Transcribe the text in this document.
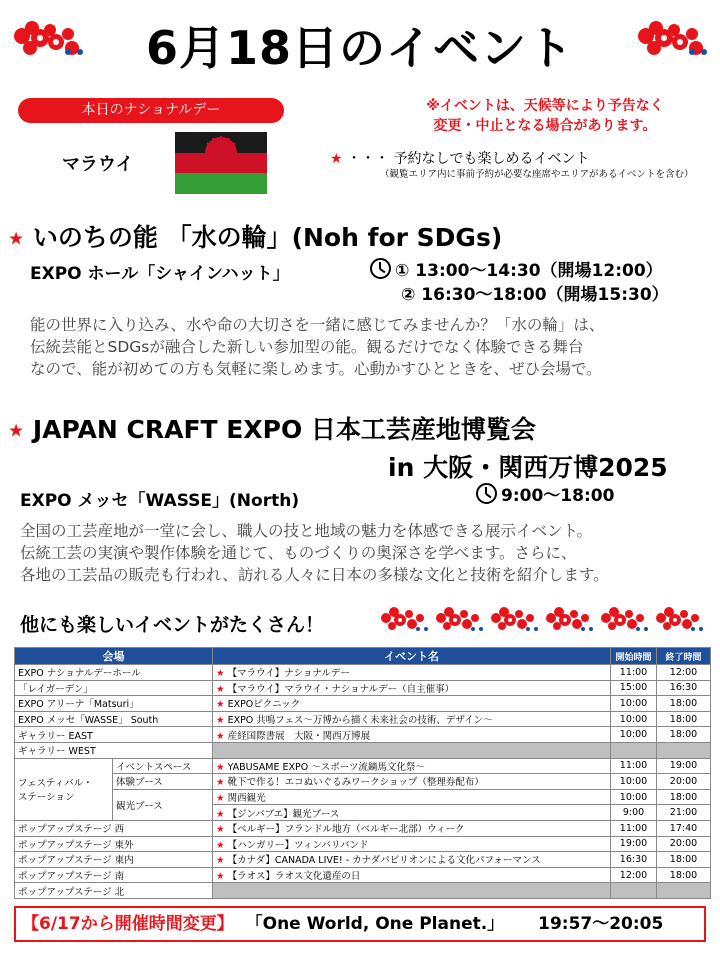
6月18日のイベント
本日のナショナルデー	※イベントは、天候等により予告なく
変更・中止となる場合があります。
マラウイ	★ ・・・ 予約なしでも楽しめるイベント
（観覧エリア内に事前予約が必要な座席やエリアがあるイベントを含む）
★ いのちの能 「水の輪」(Noh for SDGs)
EXPO ホール「シャインハット」	① 13:00～14:30（開場12:00）
② 16:30～18:00（開場15:30）
能の世界に入り込み、水や命の大切さを一緒に感じてみませんか？「水の輪」は、
伝統芸能とSDGsが融合した新しい参加型の能。観るだけでなく体験できる舞台
なので、能が初めての方も気軽に楽しめます。心動かすひとときを、ぜひ会場で。
★ JAPAN CRAFT EXPO 日本工芸産地博覧会
in 大阪・関西万博2025
EXPO メッセ「WASSE」(North)	9:00～18:00
全国の工芸産地が一堂に会し、職人の技と地域の魅力を体感できる展示イベント。
伝統工芸の実演や製作体験を通じて、ものづくりの奥深さを学べます。さらに、
各地の工芸品の販売も行われ、訪れる人々に日本の多様な文化と技術を紹介します。
他にも楽しいイベントがたくさん！
会場		イベント名	開始時間	終了時間
EXPO ナショナルデーホール		★ 【マラウイ】ナショナルデー	11:00	12:00
「レイガーデン」		★ 【マラウイ】マラウイ・ナショナルデー（自主催事）	15:00	16:30
EXPO アリーナ「Matsuri」		★ EXPOピクニック	10:00	18:00
EXPO メッセ「WASSE」 South		★ EXPO 共鳴フェス～万博から描く未来社会の技術、デザイン～	10:00	18:00
ギャラリー EAST		★ 産経国際書展　大阪・関西万博展	10:00	18:00
ギャラリー WEST				

フェスティバル・
ステーション	イベントスペース	★ YABUSAME EXPO ～スポーツ流鏑馬文化祭～	11:00	19:00
	体験ブース	★ 靴下で作る！エコぬいぐるみワークショップ（整理券配布）	10:00	20:00
	観光ブース	★ 関西観光	10:00	18:00
		★ 【ジンバブエ】観光ブース	9:00	21:00
ポップアップステージ 西		★ 【ベルギー】フランドル地方（ベルギー北部）ウィーク	11:00	17:40
ポップアップステージ 東外		★ 【ハンガリー】ツィンバリバンド	19:00	20:00
ポップアップステージ 東内		★ 【カナダ】CANADA LIVE! - カナダパビリオンによる文化パフォーマンス	16:30	18:00
ポップアップステージ 南		★ 【ラオス】ラオス文化遺産の日	12:00	18:00
ポップアップステージ 北				
【6/17から開催時間変更】 「One World, One Planet.」 19:57～20:05
